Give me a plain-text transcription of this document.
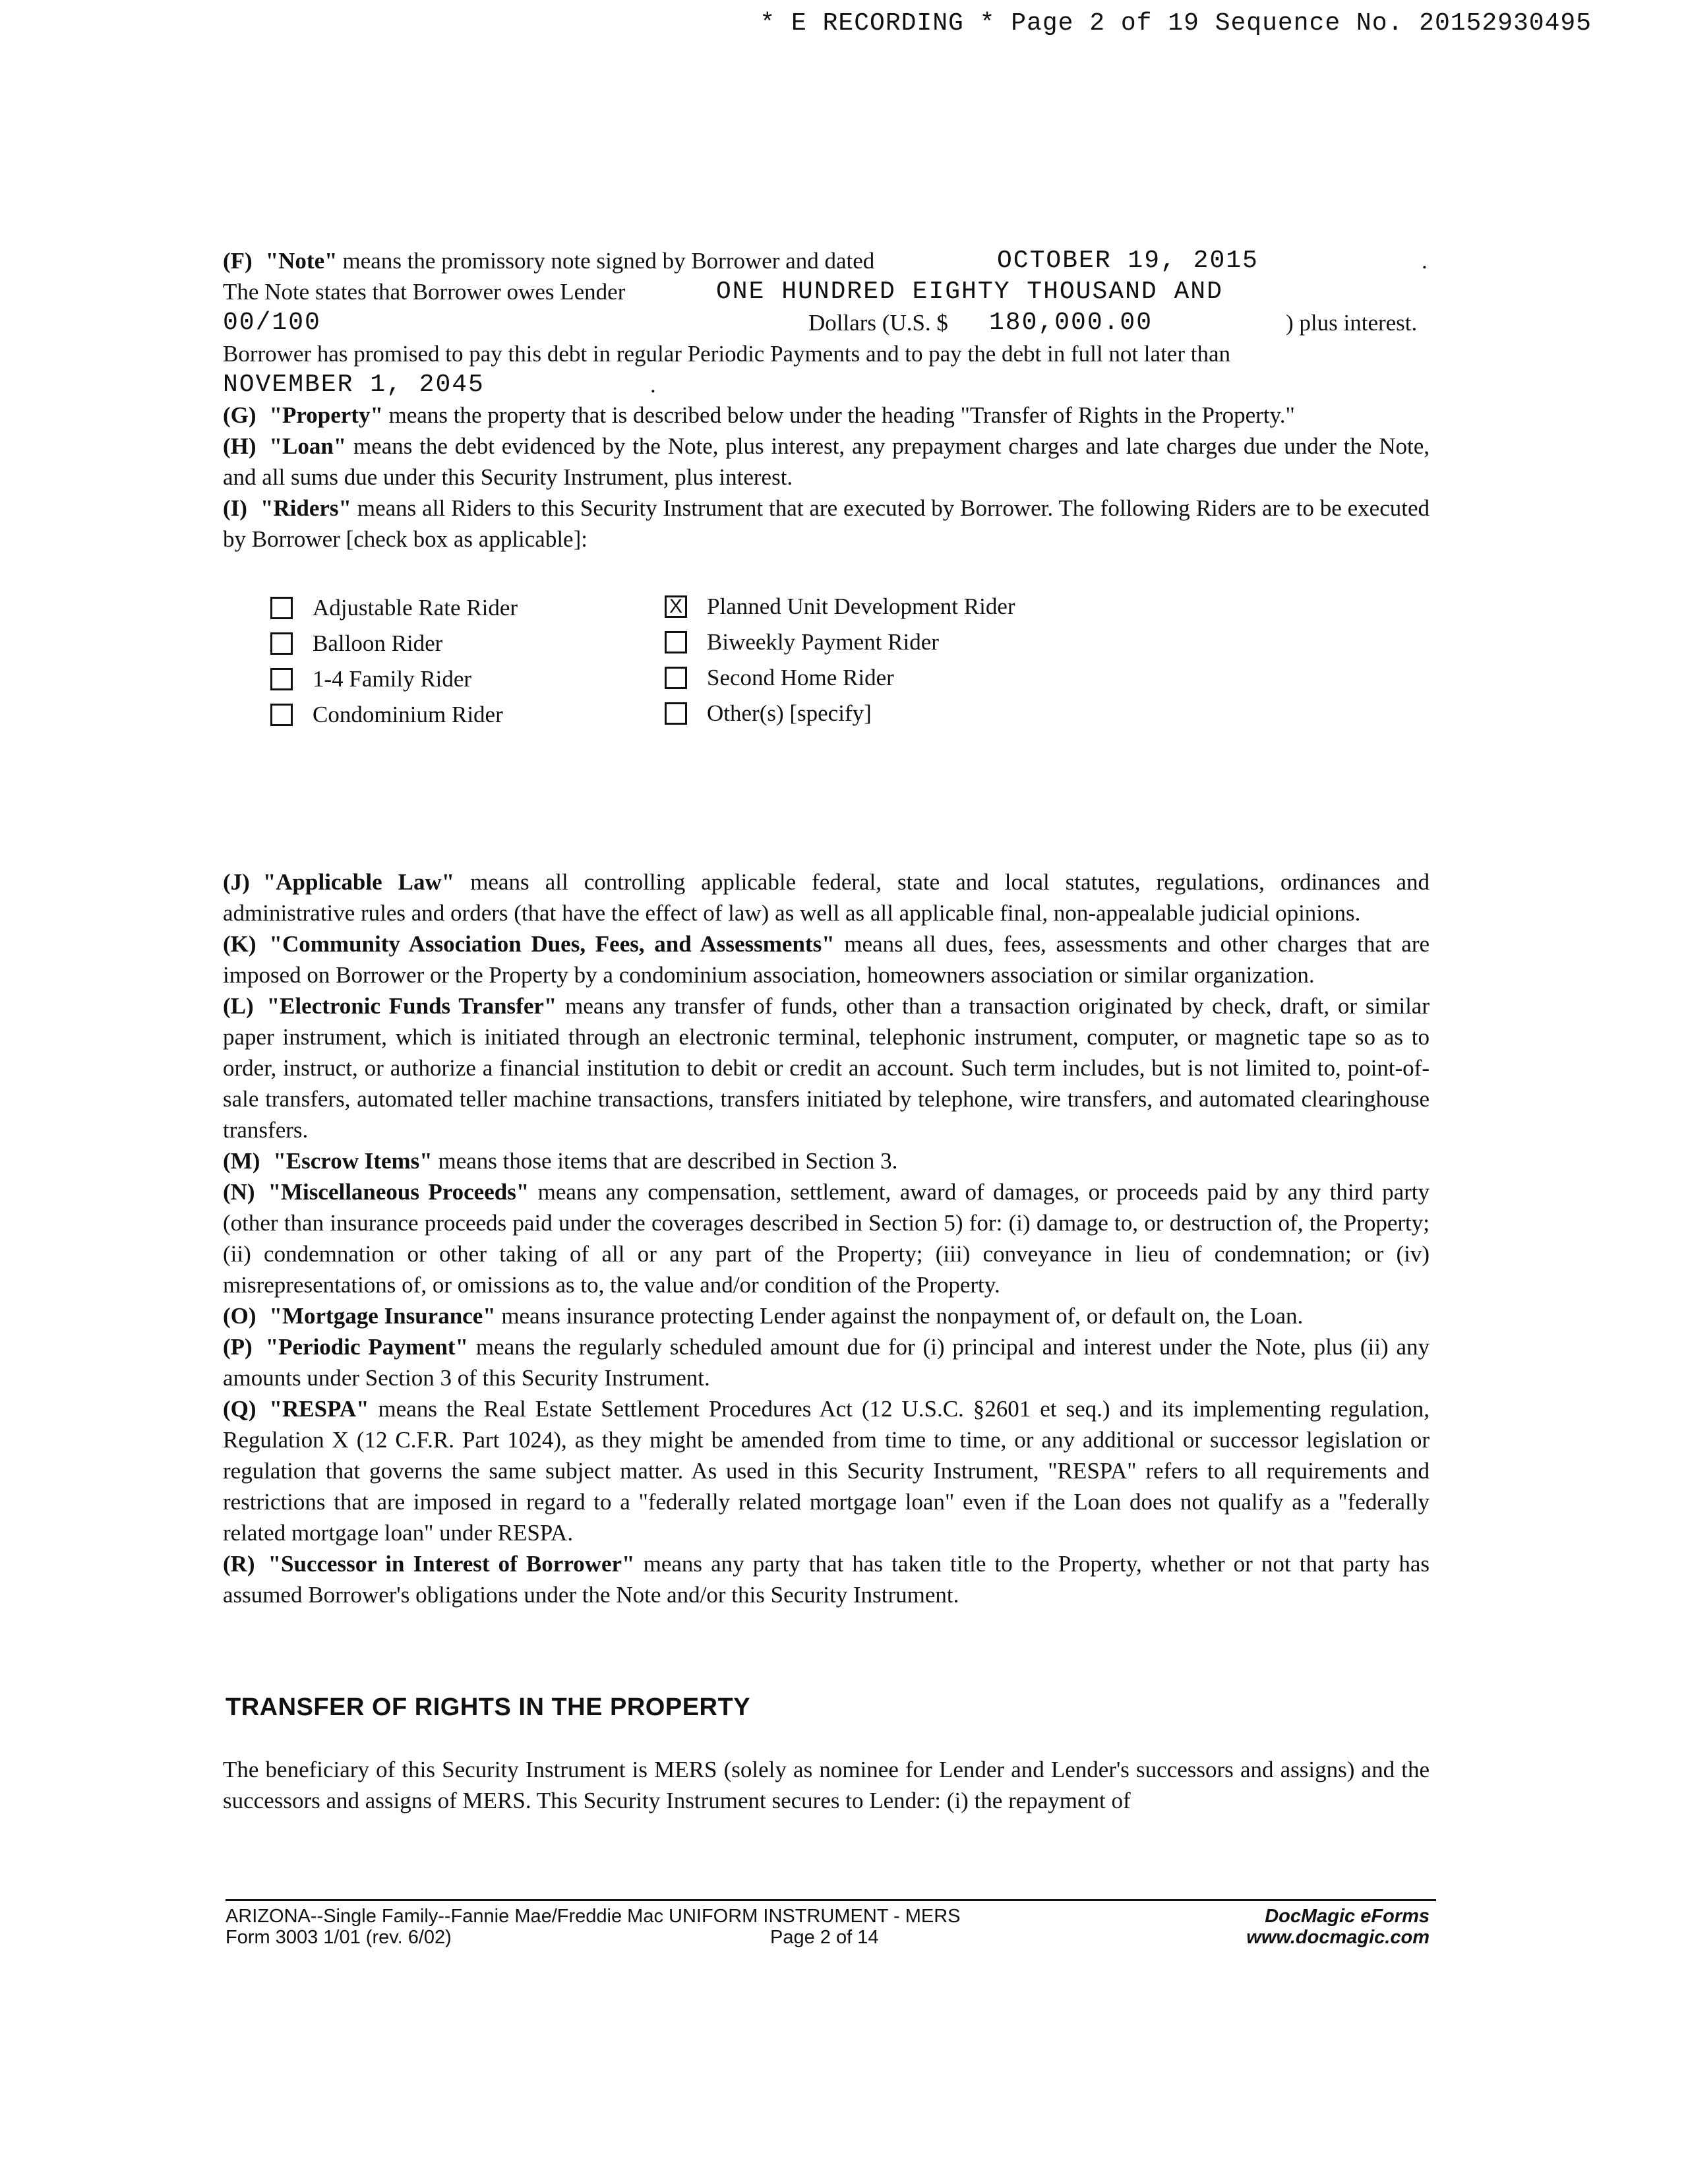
* E RECORDING * Page 2 of 19 Sequence No. 20152930495
(F) "Note" means the promissory note signed by Borrower and dated	OCTOBER 19, 2015	.
The Note states that Borrower owes Lender	ONE HUNDRED EIGHTY THOUSAND AND
00/100	Dollars (U.S. $ 180,000.00	) plus interest.
Borrower has promised to pay this debt in regular Periodic Payments and to pay the debt in full not later than
NOVEMBER 1, 2045	.

(G) "Property" means the property that is described below under the heading "Transfer of Rights in the Property."

(H) "Loan" means the debt evidenced by the Note, plus interest, any prepayment charges and late charges due under the Note, and all sums due under this Security Instrument, plus interest.

(I) "Riders" means all Riders to this Security Instrument that are executed by Borrower. The following Riders are to be executed by Borrower [check box as applicable]:

Adjustable Rate Rider
Balloon Rider
1-4 Family Rider
Condominium Rider
X Planned Unit Development Rider
Biweekly Payment Rider
Second Home Rider
Other(s) [specify]

(J) "Applicable Law" means all controlling applicable federal, state and local statutes, regulations, ordinances and administrative rules and orders (that have the effect of law) as well as all applicable final, non-appealable judicial opinions.

(K) "Community Association Dues, Fees, and Assessments" means all dues, fees, assessments and other charges that are imposed on Borrower or the Property by a condominium association, homeowners association or similar organization.

(L) "Electronic Funds Transfer" means any transfer of funds, other than a transaction originated by check, draft, or similar paper instrument, which is initiated through an electronic terminal, telephonic instrument, computer, or magnetic tape so as to order, instruct, or authorize a financial institution to debit or credit an account. Such term includes, but is not limited to, point-of-sale transfers, automated teller machine transactions, transfers initiated by telephone, wire transfers, and automated clearinghouse transfers.

(M) "Escrow Items" means those items that are described in Section 3.

(N) "Miscellaneous Proceeds" means any compensation, settlement, award of damages, or proceeds paid by any third party (other than insurance proceeds paid under the coverages described in Section 5) for: (i) damage to, or destruction of, the Property; (ii) condemnation or other taking of all or any part of the Property; (iii) conveyance in lieu of condemnation; or (iv) misrepresentations of, or omissions as to, the value and/or condition of the Property.

(O) "Mortgage Insurance" means insurance protecting Lender against the nonpayment of, or default on, the Loan.

(P) "Periodic Payment" means the regularly scheduled amount due for (i) principal and interest under the Note, plus (ii) any amounts under Section 3 of this Security Instrument.

(Q) "RESPA" means the Real Estate Settlement Procedures Act (12 U.S.C. §2601 et seq.) and its implementing regulation, Regulation X (12 C.F.R. Part 1024), as they might be amended from time to time, or any additional or successor legislation or regulation that governs the same subject matter. As used in this Security Instrument, "RESPA" refers to all requirements and restrictions that are imposed in regard to a "federally related mortgage loan" even if the Loan does not qualify as a "federally related mortgage loan" under RESPA.

(R) "Successor in Interest of Borrower" means any party that has taken title to the Property, whether or not that party has assumed Borrower's obligations under the Note and/or this Security Instrument.

TRANSFER OF RIGHTS IN THE PROPERTY

The beneficiary of this Security Instrument is MERS (solely as nominee for Lender and Lender's successors and assigns) and the successors and assigns of MERS. This Security Instrument secures to Lender: (i) the repayment of

ARIZONA--Single Family--Fannie Mae/Freddie Mac UNIFORM INSTRUMENT - MERS
Form 3003 1/01 (rev. 6/02)	Page 2 of 14
DocMagic eForms
www.docmagic.com
